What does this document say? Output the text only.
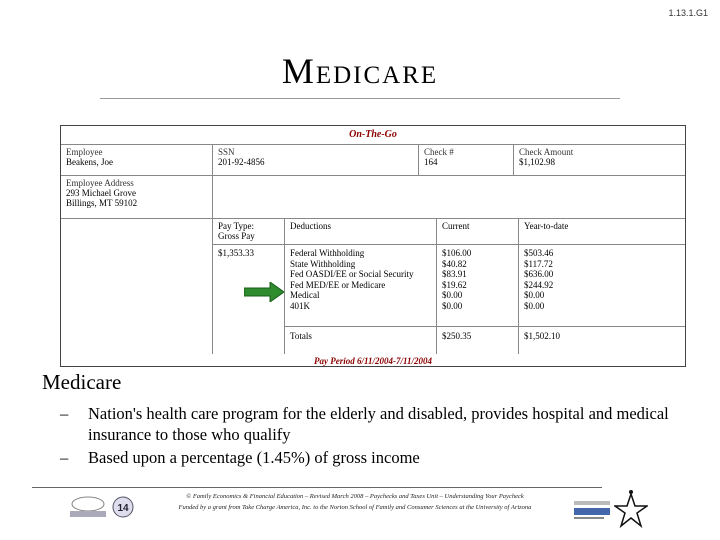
1.13.1.G1
Medicare
On-The-Go
Employee
Beakens, Joe
SSN
201-92-4856
Check #
164
Check Amount
$1,102.98
Employee Address
293 Michael Grove
Billings, MT 59102
Pay Type:
Gross Pay
$1,353.33
Deductions
Federal Withholding
State Withholding
Fed OASDI/EE or Social Security
Fed MED/EE or Medicare
Medical
401K
Totals
Current
$106.00
$40.82
$83.91
$19.62
$0.00
$0.00
$250.35
Year-to-date
$503.46
$117.72
$636.00
$244.92
$0.00
$0.00
$1,502.10
Pay Period 6/11/2004-7/11/2004
Medicare
– Nation's health care program for the elderly and disabled, provides hospital and medical insurance to those who qualify
– Based upon a percentage (1.45%) of gross income
14
© Family Economics & Financial Education – Revised March 2008 – Paychecks and Taxes Unit – Understanding Your Paycheck
Funded by a grant from Take Charge America, Inc. to the Norton School of Family and Consumer Sciences at the University of Arizona
